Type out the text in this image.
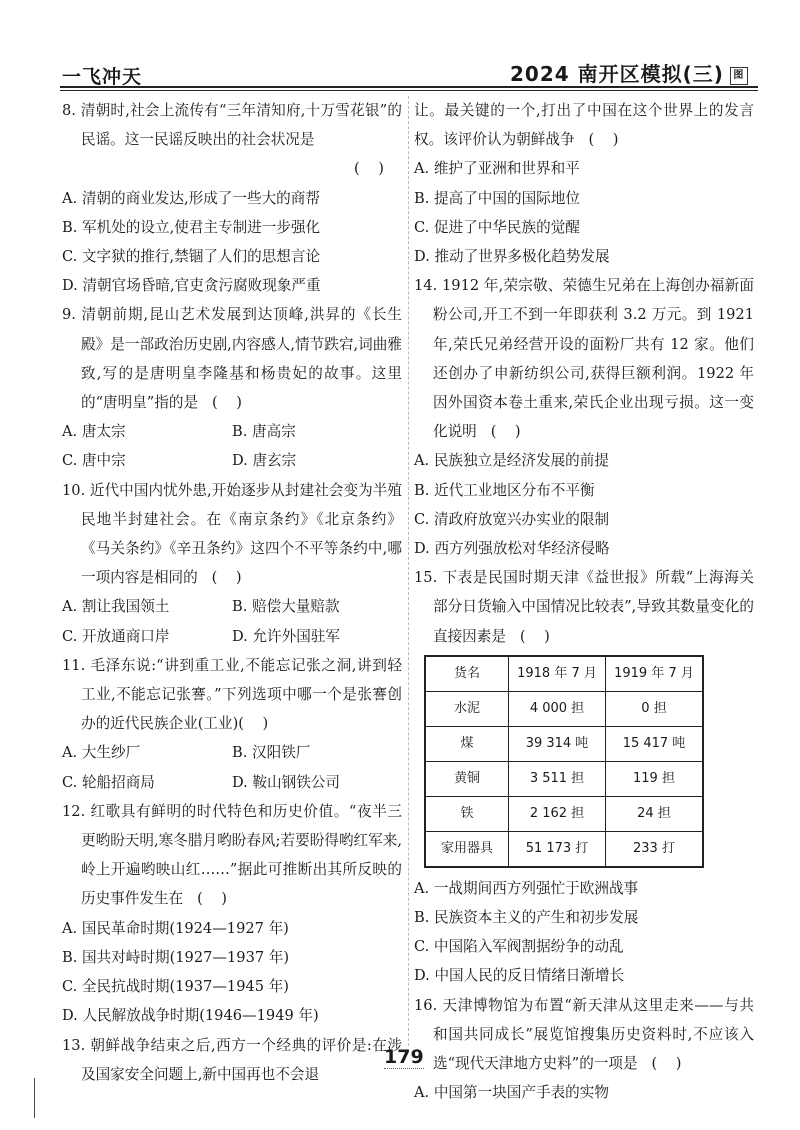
一飞冲天	2024 南开区模拟(三) 图

8. 清朝时,社会上流传有“三年清知府,十万雪花银”的民谣。这一民谣反映出的社会状况是

(    )

A. 清朝的商业发达,形成了一些大的商帮

B. 军机处的设立,使君主专制进一步强化

C. 文字狱的推行,禁锢了人们的思想言论

D. 清朝官场昏暗,官吏贪污腐败现象严重

9. 清朝前期,昆山艺术发展到达顶峰,洪昇的《长生殿》是一部政治历史剧,内容感人,情节跌宕,词曲雅致,写的是唐明皇李隆基和杨贵妃的故事。这里的“唐明皇”指的是 (    )

A. 唐太宗	B. 唐高宗
C. 唐中宗	D. 唐玄宗

10. 近代中国内忧外患,开始逐步从封建社会变为半殖民地半封建社会。在《南京条约》《北京条约》《马关条约》《辛丑条约》这四个不平等条约中,哪一项内容是相同的 (    )

A. 割让我国领土	B. 赔偿大量赔款
C. 开放通商口岸	D. 允许外国驻军

11. 毛泽东说:“讲到重工业,不能忘记张之洞,讲到轻工业,不能忘记张謇。”下列选项中哪一个是张謇创办的近代民族企业(工业)(    )

A. 大生纱厂	B. 汉阳铁厂
C. 轮船招商局	D. 鞍山钢铁公司

12. 红歌具有鲜明的时代特色和历史价值。“夜半三更哟盼天明,寒冬腊月哟盼春风;若要盼得哟红军来,岭上开遍哟映山红……”据此可推断出其所反映的历史事件发生在 (    )

A. 国民革命时期(1924—1927 年)

B. 国共对峙时期(1927—1937 年)

C. 全民抗战时期(1937—1945 年)

D. 人民解放战争时期(1946—1949 年)

13. 朝鲜战争结束之后,西方一个经典的评价是:在涉及国家安全问题上,新中国再也不会退

让。最关键的一个,打出了中国在这个世界上的发言权。该评价认为朝鲜战争 (    )

A. 维护了亚洲和世界和平

B. 提高了中国的国际地位

C. 促进了中华民族的觉醒

D. 推动了世界多极化趋势发展

14. 1912 年,荣宗敬、荣德生兄弟在上海创办福新面粉公司,开工不到一年即获利 3.2 万元。到 1921 年,荣氏兄弟经营开设的面粉厂共有 12 家。他们还创办了申新纺织公司,获得巨额利润。1922 年因外国资本卷土重来,荣氏企业出现亏损。这一变化说明 (    )

A. 民族独立是经济发展的前提

B. 近代工业地区分布不平衡

C. 清政府放宽兴办实业的限制

D. 西方列强放松对华经济侵略

15. 下表是民国时期天津《益世报》所载“上海海关部分日货输入中国情况比较表”,导致其数量变化的直接因素是 (    )

货名	1918 年 7 月	1919 年 7 月
水泥	4 000 担	0 担
煤	39 314 吨	15 417 吨
黄铜	3 511 担	119 担
铁	2 162 担	24 担
家用器具	51 173 打	233 打

A. 一战期间西方列强忙于欧洲战事

B. 民族资本主义的产生和初步发展

C. 中国陷入军阀割据纷争的动乱

D. 中国人民的反日情绪日渐增长

16. 天津博物馆为布置“新天津从这里走来——与共和国共同成长”展览馆搜集历史资料时,不应该入选“现代天津地方史料”的一项是 (    )

A. 中国第一块国产手表的实物

179
